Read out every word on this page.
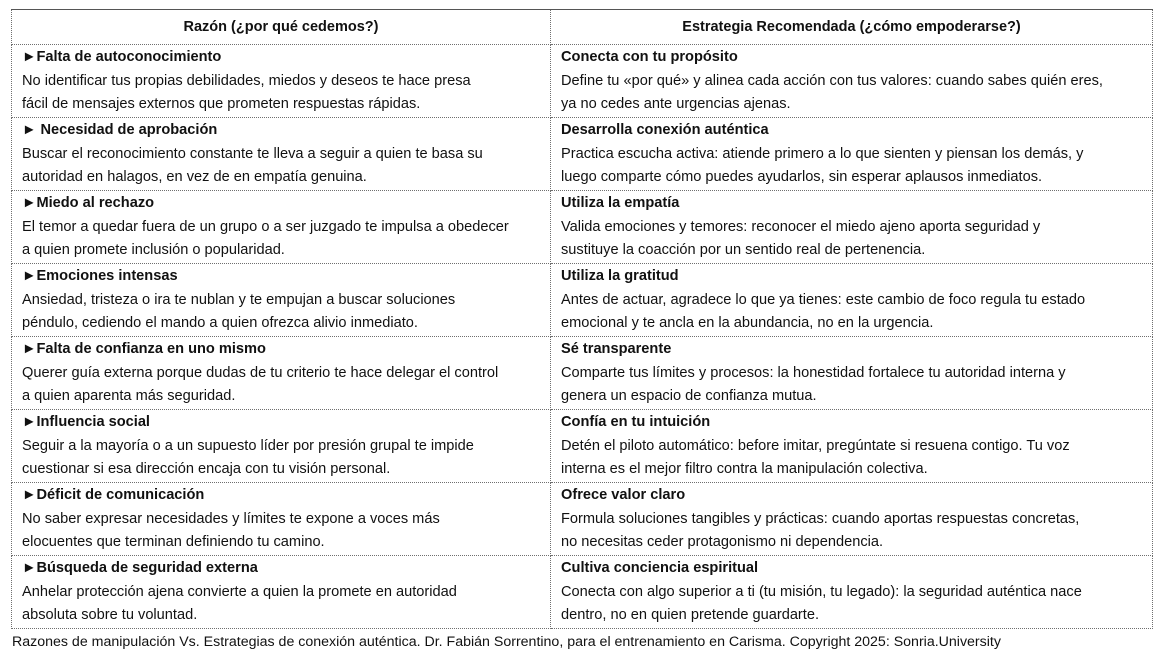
Razón (¿por qué cedemos?)	Estrategia Recomendada (¿cómo empoderarse?)

►Falta de autoconocimiento
No identificar tus propias debilidades, miedos y deseos te hace presa
fácil de mensajes externos que prometen respuestas rápidas.	Conecta con tu propósito
Define tu «por qué» y alinea cada acción con tus valores: cuando sabes quién eres,
ya no cedes ante urgencias ajenas.

► Necesidad de aprobación
Buscar el reconocimiento constante te lleva a seguir a quien te basa su
autoridad en halagos, en vez de en empatía genuina.	Desarrolla conexión auténtica
Practica escucha activa: atiende primero a lo que sienten y piensan los demás, y
luego comparte cómo puedes ayudarlos, sin esperar aplausos inmediatos.

►Miedo al rechazo
El temor a quedar fuera de un grupo o a ser juzgado te impulsa a obedecer
a quien promete inclusión o popularidad.	Utiliza la empatía
Valida emociones y temores: reconocer el miedo ajeno aporta seguridad y
sustituye la coacción por un sentido real de pertenencia.

►Emociones intensas
Ansiedad, tristeza o ira te nublan y te empujan a buscar soluciones
péndulo, cediendo el mando a quien ofrezca alivio inmediato.	Utiliza la gratitud
Antes de actuar, agradece lo que ya tienes: este cambio de foco regula tu estado
emocional y te ancla en la abundancia, no en la urgencia.

►Falta de confianza en uno mismo
Querer guía externa porque dudas de tu criterio te hace delegar el control
a quien aparenta más seguridad.	Sé transparente
Comparte tus límites y procesos: la honestidad fortalece tu autoridad interna y
genera un espacio de confianza mutua.

►Influencia social
Seguir a la mayoría o a un supuesto líder por presión grupal te impide
cuestionar si esa dirección encaja con tu visión personal.	Confía en tu intuición
Detén el piloto automático: before imitar, pregúntate si resuena contigo. Tu voz
interna es el mejor filtro contra la manipulación colectiva.

►Déficit de comunicación
No saber expresar necesidades y límites te expone a voces más
elocuentes que terminan definiendo tu camino.	Ofrece valor claro
Formula soluciones tangibles y prácticas: cuando aportas respuestas concretas,
no necesitas ceder protagonismo ni dependencia.

►Búsqueda de seguridad externa
Anhelar protección ajena convierte a quien la promete en autoridad
absoluta sobre tu voluntad.	Cultiva conciencia espiritual
Conecta con algo superior a ti (tu misión, tu legado): la seguridad auténtica nace
dentro, no en quien pretende guardarte.
Razones de manipulación Vs. Estrategias de conexión auténtica. Dr. Fabián Sorrentino, para el entrenamiento en Carisma. Copyright 2025: Sonria.University
